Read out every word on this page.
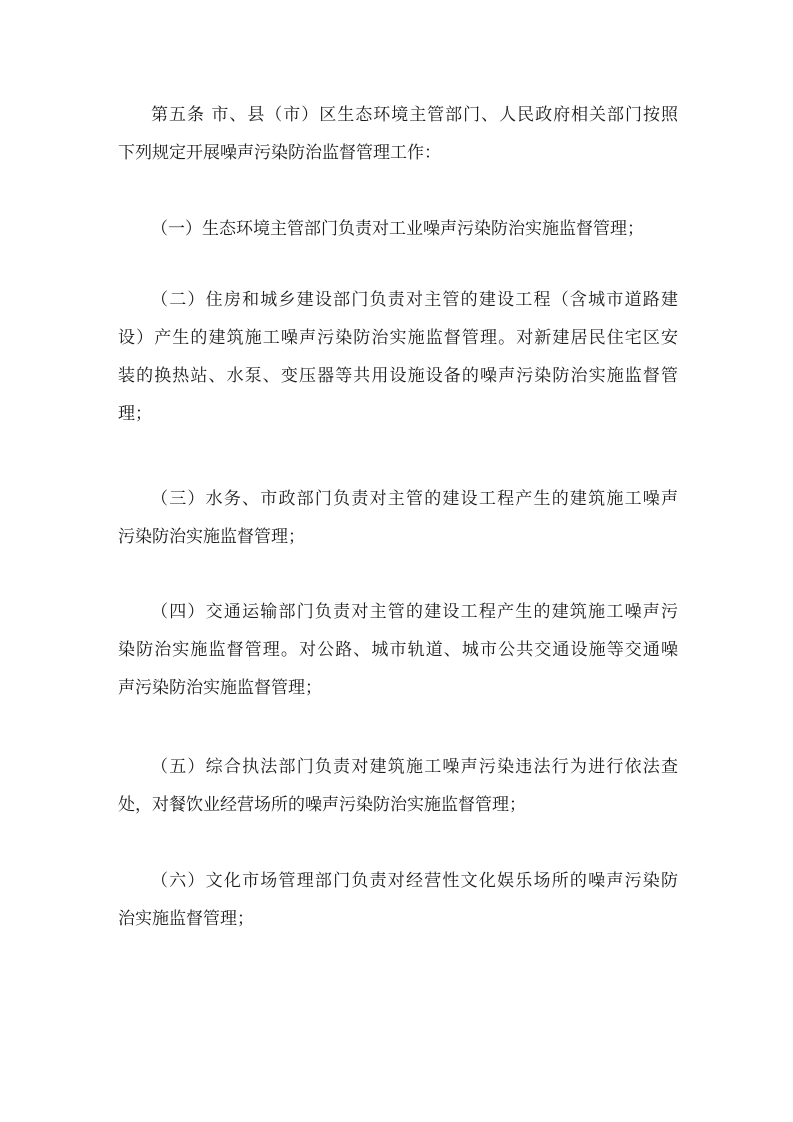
第五条 市、县（市）区生态环境主管部门、人民政府相关部门按照
下列规定开展噪声污染防治监督管理工作：

（一）生态环境主管部门负责对工业噪声污染防治实施监督管理；

（二）住房和城乡建设部门负责对主管的建设工程（含城市道路建
设）产生的建筑施工噪声污染防治实施监督管理。对新建居民住宅区安
装的换热站、水泵、变压器等共用设施设备的噪声污染防治实施监督管
理；

（三）水务、市政部门负责对主管的建设工程产生的建筑施工噪声
污染防治实施监督管理；

（四）交通运输部门负责对主管的建设工程产生的建筑施工噪声污
染防治实施监督管理。对公路、城市轨道、城市公共交通设施等交通噪
声污染防治实施监督管理；

（五）综合执法部门负责对建筑施工噪声污染违法行为进行依法查
处，对餐饮业经营场所的噪声污染防治实施监督管理；

（六）文化市场管理部门负责对经营性文化娱乐场所的噪声污染防
治实施监督管理；
